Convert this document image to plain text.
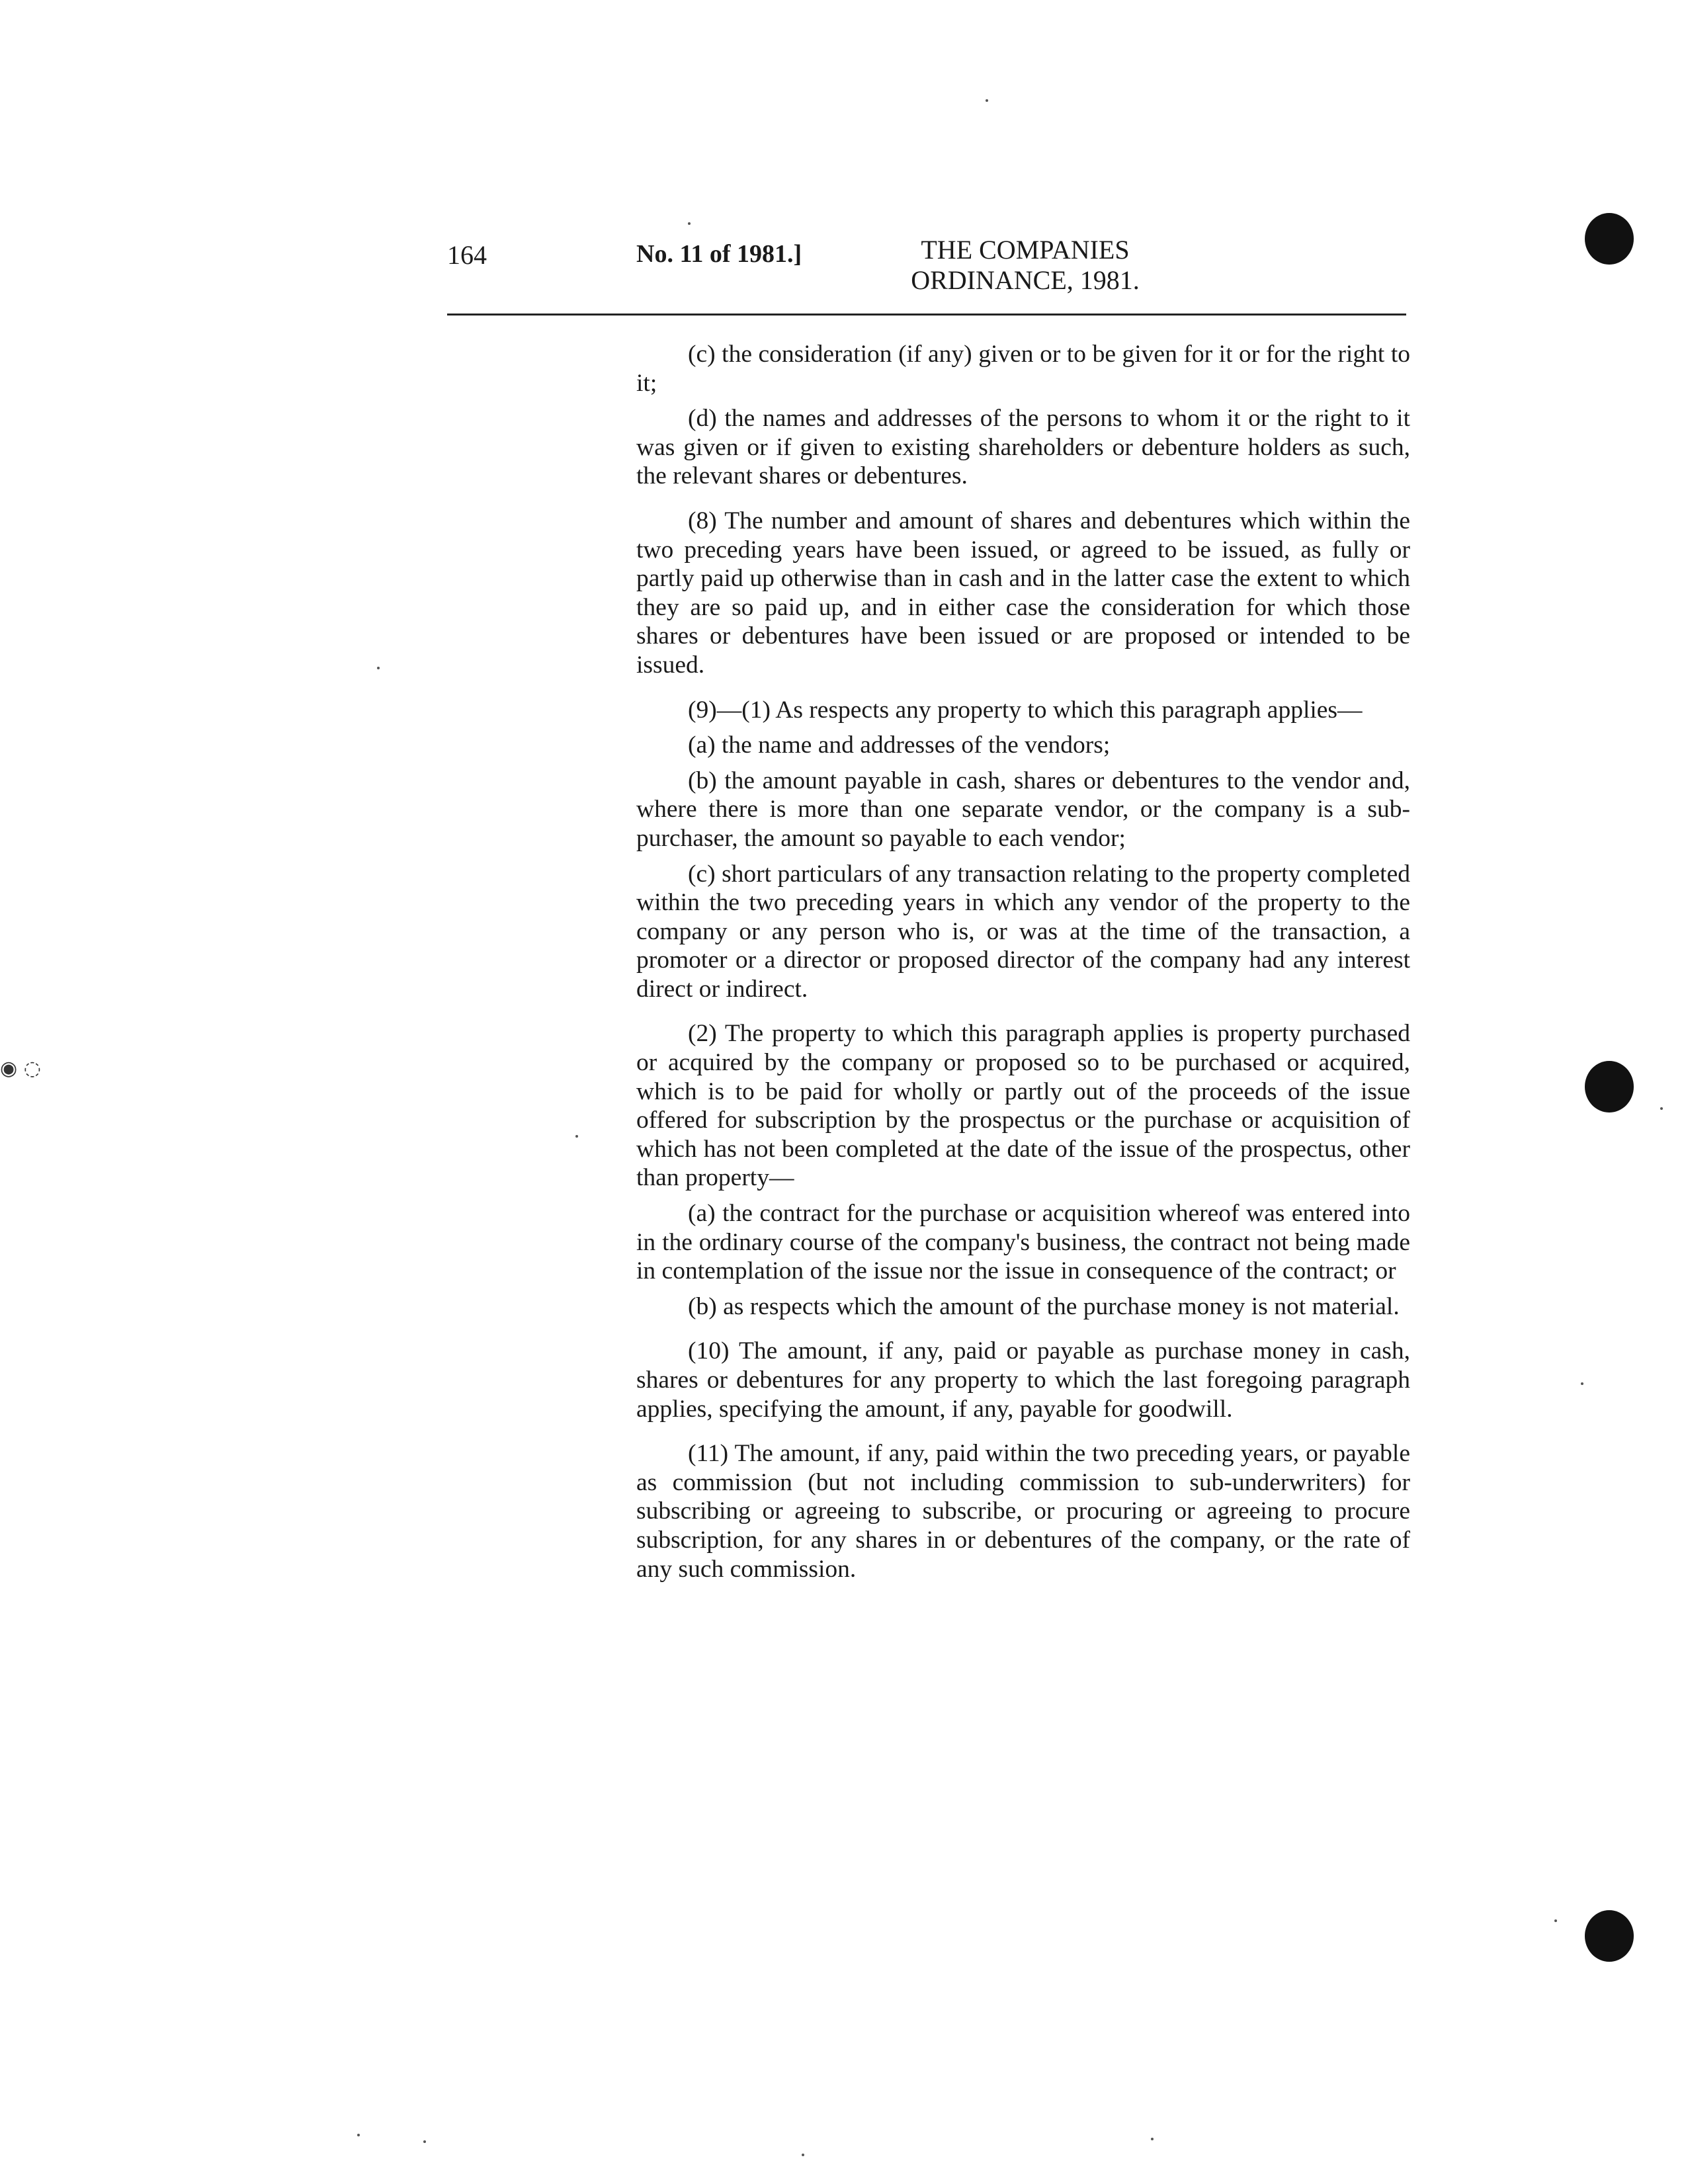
164	No. 11 of 1981.]	THE COMPANIES
ORDINANCE, 1981.

(c) the consideration (if any) given or to be given for it or for the right to it;

(d) the names and addresses of the persons to whom it or the right to it was given or if given to existing shareholders or debenture holders as such, the relevant shares or debentures.

(8) The number and amount of shares and debentures which within the two preceding years have been issued, or agreed to be issued, as fully or partly paid up otherwise than in cash and in the latter case the extent to which they are so paid up, and in either case the consideration for which those shares or debentures have been issued or are proposed or intended to be issued.

(9)—(1) As respects any property to which this paragraph applies—

(a) the name and addresses of the vendors;

(b) the amount payable in cash, shares or debentures to the vendor and, where there is more than one separate vendor, or the company is a sub-purchaser, the amount so payable to each vendor;

(c) short particulars of any transaction relating to the property completed within the two preceding years in which any vendor of the property to the company or any person who is, or was at the time of the transaction, a promoter or a director or proposed director of the company had any interest direct or indirect.

(2) The property to which this paragraph applies is property purchased or acquired by the company or proposed so to be purchased or acquired, which is to be paid for wholly or partly out of the proceeds of the issue offered for subscription by the prospectus or the purchase or acquisition of which has not been completed at the date of the issue of the prospectus, other than property—

(a) the contract for the purchase or acquisition whereof was entered into in the ordinary course of the company's business, the contract not being made in contemplation of the issue nor the issue in consequence of the contract; or

(b) as respects which the amount of the purchase money is not material.

(10) The amount, if any, paid or payable as purchase money in cash, shares or debentures for any property to which the last foregoing paragraph applies, specifying the amount, if any, payable for goodwill.

(11) The amount, if any, paid within the two preceding years, or payable as commission (but not including commission to sub-underwriters) for subscribing or agreeing to subscribe, or procuring or agreeing to procure subscription, for any shares in or debentures of the company, or the rate of any such commission.

◉ ◌
